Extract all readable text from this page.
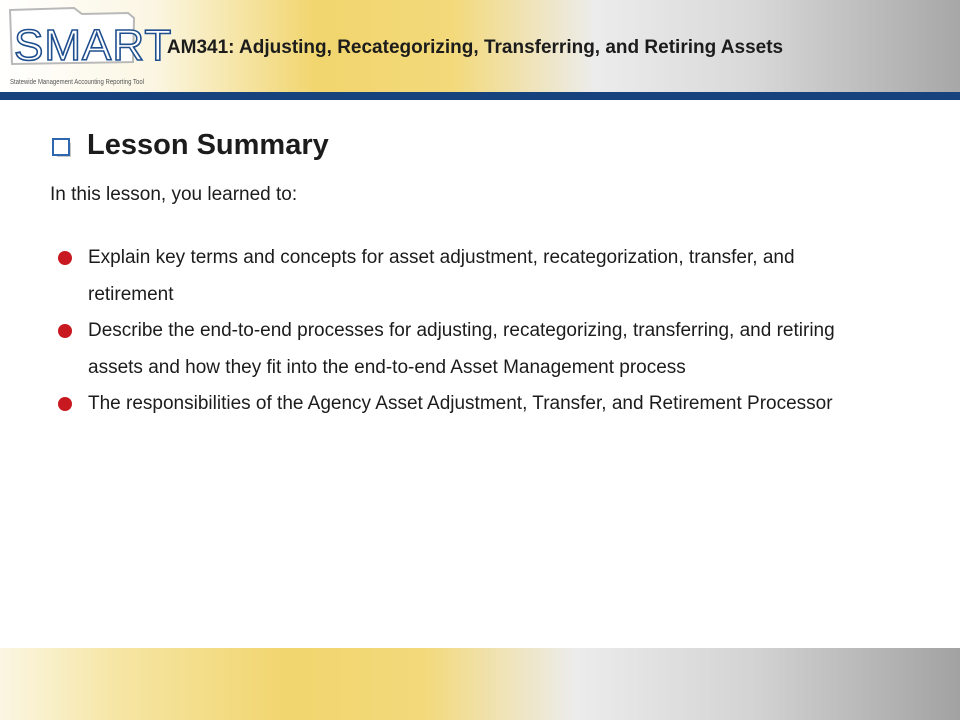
SMART
Statewide Management Accounting Reporting Tool
AM341: Adjusting, Recategorizing, Transferring, and Retiring Assets
Lesson Summary
In this lesson, you learned to:
Explain key terms and concepts for asset adjustment, recategorization, transfer, and retirement
Describe the end-to-end processes for adjusting, recategorizing, transferring, and retiring assets and how they fit into the end-to-end Asset Management process
The responsibilities of the Agency Asset Adjustment, Transfer, and Retirement Processor
